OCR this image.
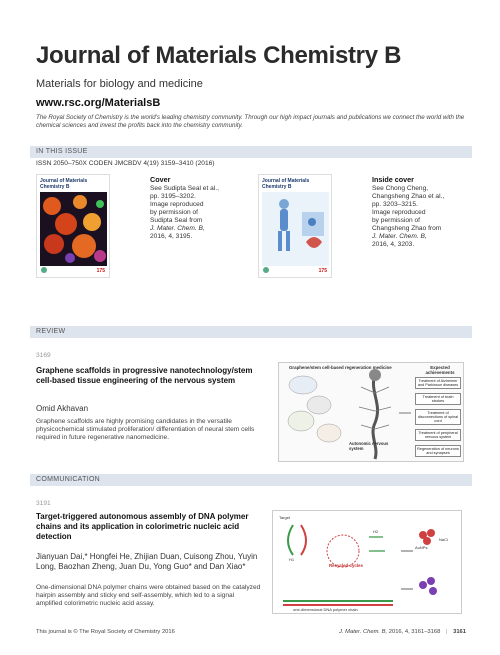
Journal of Materials Chemistry B
Materials for biology and medicine
www.rsc.org/MaterialsB
The Royal Society of Chemistry is the world's leading chemistry community. Through our high impact journals and publications we connect the world with the chemical sciences and invest the profits back into the chemistry community.
IN THIS ISSUE
ISSN 2050–750X CODEN JMCBDV 4(19) 3159–3410 (2016)
Journal of Materials Chemistry B
175
Cover
See Sudipta Seal et al.,
pp. 3195–3202.
Image reproduced
by permission of
Sudipta Seal from
J. Mater. Chem. B,
2016, 4, 3195.
Journal of Materials Chemistry B
175
Inside cover
See Chong Cheng,
Changsheng Zhao et al.,
pp. 3203–3215.
Image reproduced
by permission of
Changsheng Zhao from
J. Mater. Chem. B,
2016, 4, 3203.
REVIEW
3169
Graphene scaffolds in progressive nanotechnology/stem cell-based tissue engineering of the nervous system
Omid Akhavan
Graphene scaffolds are highly promising candidates in the versatile physicochemical stimulated proliferation/ differentiation of neural stem cells required in future regenerative nanomedicine.
Graphene/stem cell-based regeneration medicine
Autonomic nervous system
Expected achievements
Treatment of Alzheimer and Parkinson diseases
Treatment of brain strokes
Treatment of disconnections of spinal cord
Treatment of peripheral nervous system
Regeneration of neurons and synapses
COMMUNICATION
3191
Target-triggered autonomous assembly of DNA polymer chains and its application in colorimetric nucleic acid detection
Jianyuan Dai,* Hongfei He, Zhijian Duan, Cuisong Zhou, Yuyin Long, Baozhan Zheng, Juan Du, Yong Guo* and Dan Xiao*
One-dimensional DNA polymer chains were obtained based on the catalyzed hairpin assembly and sticky end self-assembly, which led to a signal amplified colorimetric nucleic acid assay.
Recycled cycles
one-dimensional DNA polymer chain
Target
H1
H2
AuNPs
NaCl
This journal is © The Royal Society of Chemistry 2016	J. Mater. Chem. B, 2016, 4, 3161–3168 | 3161
